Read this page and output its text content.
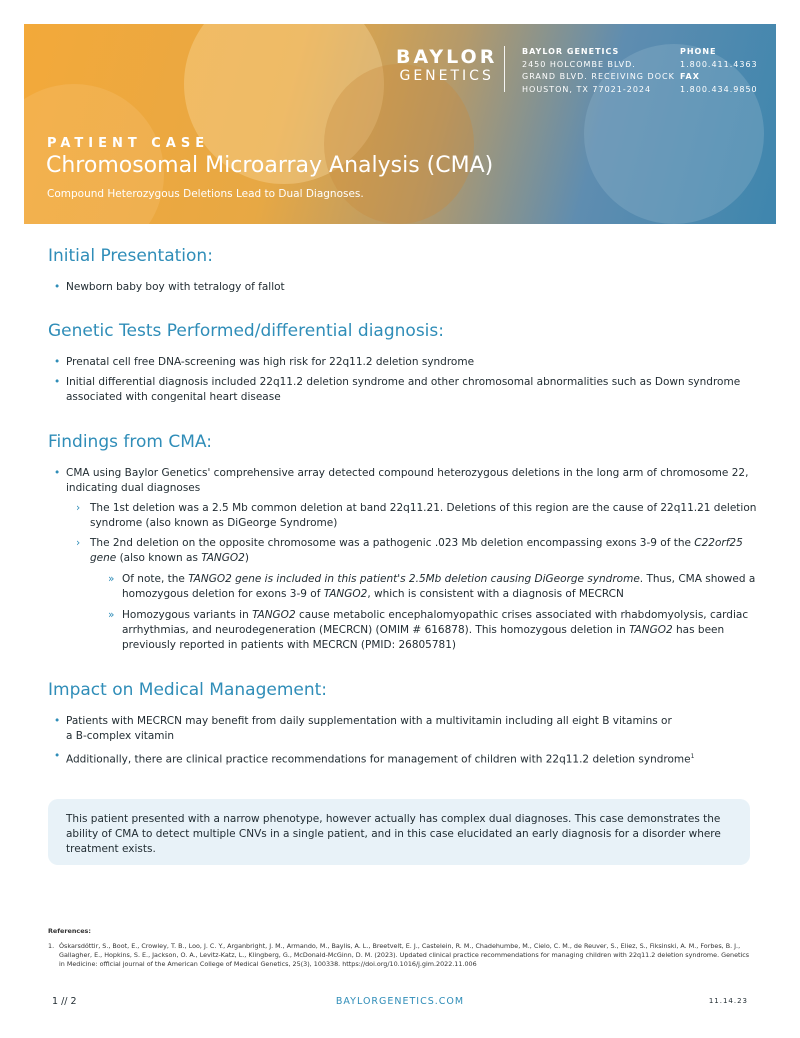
BAYLOR
GENETICS
BAYLOR GENETICS
2450 HOLCOMBE BLVD.
GRAND BLVD. RECEIVING DOCK
HOUSTON, TX 77021-2024
PHONE
1.800.411.4363
FAX
1.800.434.9850
PATIENT CASE
Chromosomal Microarray Analysis (CMA)
Compound Heterozygous Deletions Lead to Dual Diagnoses.
Initial Presentation:
• Newborn baby boy with tetralogy of fallot
Genetic Tests Performed/differential diagnosis:
• Prenatal cell free DNA-screening was high risk for 22q11.2 deletion syndrome
• Initial differential diagnosis included 22q11.2 deletion syndrome and other chromosomal abnormalities such as Down syndrome associated with congenital heart disease
Findings from CMA:
• CMA using Baylor Genetics' comprehensive array detected compound heterozygous deletions in the long arm of chromosome 22, indicating dual diagnoses
› The 1st deletion was a 2.5 Mb common deletion at band 22q11.21. Deletions of this region are the cause of 22q11.21 deletion syndrome (also known as DiGeorge Syndrome)
› The 2nd deletion on the opposite chromosome was a pathogenic .023 Mb deletion encompassing exons 3-9 of the C22orf25 gene (also known as TANGO2)
» Of note, the TANGO2 gene is included in this patient's 2.5Mb deletion causing DiGeorge syndrome. Thus, CMA showed a homozygous deletion for exons 3-9 of TANGO2, which is consistent with a diagnosis of MECRCN
» Homozygous variants in TANGO2 cause metabolic encephalomyopathic crises associated with rhabdomyolysis, cardiac arrhythmias, and neurodegeneration (MECRCN) (OMIM # 616878). This homozygous deletion in TANGO2 has been previously reported in patients with MECRCN (PMID: 26805781)
Impact on Medical Management:
• Patients with MECRCN may benefit from daily supplementation with a multivitamin including all eight B vitamins or
a B-complex vitamin
• Additionally, there are clinical practice recommendations for management of children with 22q11.2 deletion syndrome$^1$

This patient presented with a narrow phenotype, however actually has complex dual diagnoses. This case demonstrates the ability of CMA to detect multiple CNVs in a single patient, and in this case elucidated an early diagnosis for a disorder where treatment exists.

References:
1. Óskarsdóttir, S., Boot, E., Crowley, T. B., Loo, J. C. Y., Arganbright, J. M., Armando, M., Baylis, A. L., Breetvelt, E. J., Castelein, R. M., Chadehumbe, M., Cielo, C. M., de Reuver, S., Eliez, S., Fiksinski, A. M., Forbes, B. J., Gallagher, E., Hopkins, S. E., Jackson, O. A., Levitz-Katz, L., Klingberg, G., McDonald-McGinn, D. M. (2023). Updated clinical practice recommendations for managing children with 22q11.2 deletion syndrome. Genetics in Medicine: official journal of the American College of Medical Genetics, 25(3), 100338. https://doi.org/10.1016/j.gim.2022.11.006
1 // 2	BAYLORGENETICS.COM	11.14.23
